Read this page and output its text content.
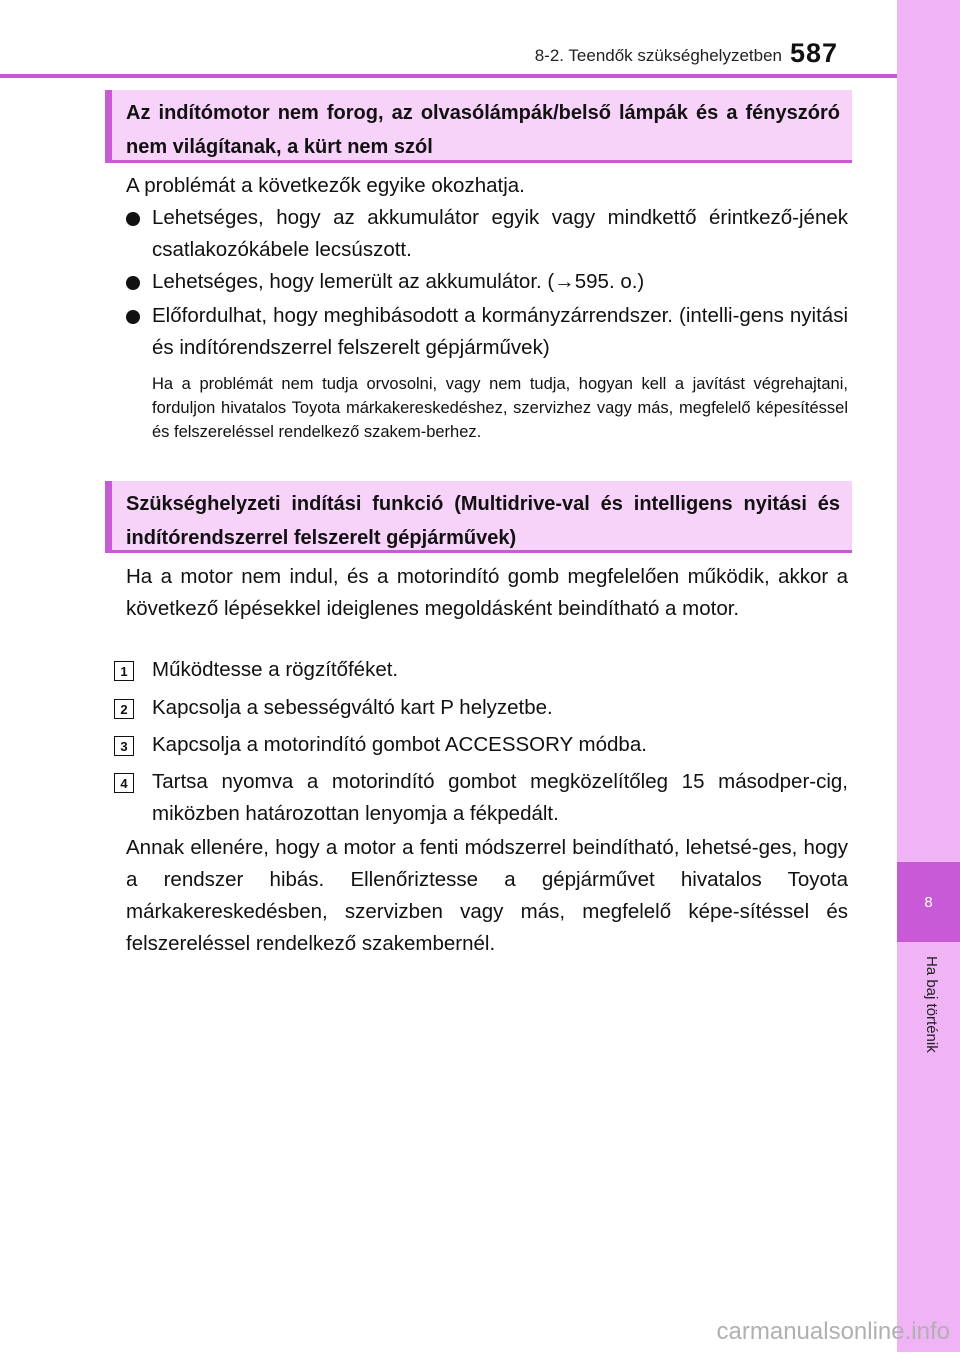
8
Ha baj történik
8-2. Teendők szükséghelyzetben 587
Az indítómotor nem forog, az olvasólámpák/belső lámpák és a fényszóró nem világítanak, a kürt nem szól
A problémát a következők egyike okozhatja.
Lehetséges, hogy az akkumulátor egyik vagy mindkettő érintkező-jének csatlakozókábele lecsúszott.
Lehetséges, hogy lemerült az akkumulátor. (→595. o.)
Előfordulhat, hogy meghibásodott a kormányzárrendszer. (intelli-gens nyitási és indítórendszerrel felszerelt gépjárművek)
Ha a problémát nem tudja orvosolni, vagy nem tudja, hogyan kell a javítást végrehajtani, forduljon hivatalos Toyota márkakereskedéshez, szervizhez vagy más, megfelelő képesítéssel és felszereléssel rendelkező szakem-berhez.
Szükséghelyzeti indítási funkció (Multidrive-val és intelligens nyitási és indítórendszerrel felszerelt gépjárművek)
Ha a motor nem indul, és a motorindító gomb megfelelően működik, akkor a következő lépésekkel ideiglenes megoldásként beindítható a motor.
1	Működtesse a rögzítőféket.
2	Kapcsolja a sebességváltó kart P helyzetbe.
3	Kapcsolja a motorindító gombot ACCESSORY módba.
4	Tartsa nyomva a motorindító gombot megközelítőleg 15 másodper-cig, miközben határozottan lenyomja a fékpedált.
Annak ellenére, hogy a motor a fenti módszerrel beindítható, lehetsé-ges, hogy a rendszer hibás. Ellenőriztesse a gépjárművet hivatalos Toyota márkakereskedésben, szervizben vagy más, megfelelő képe-sítéssel és felszereléssel rendelkező szakembernél.
carmanualsonline.info
